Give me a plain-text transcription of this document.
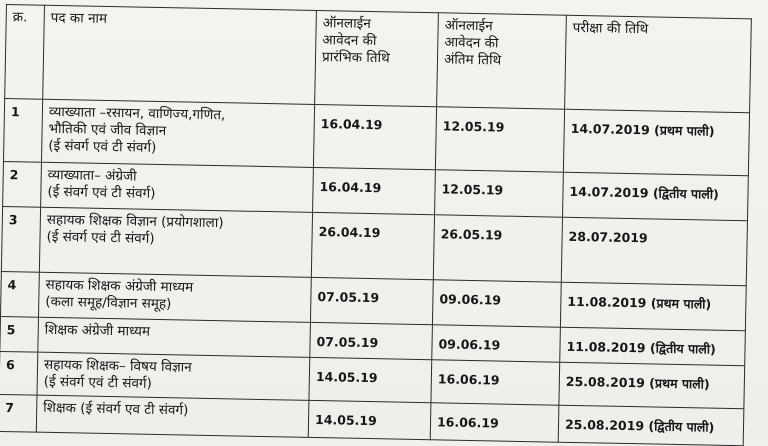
क्र.	पद का नाम	ऑनलाईन
आवेदन की
प्रारंभिक तिथि	ऑनलाईन
आवेदन की
अंतिम तिथि	परीक्षा की तिथि

1	व्याख्याता –रसायन, वाणिज्य,गणित,
भौतिकी एवं जीव विज्ञान
(ई संवर्ग एवं टी संवर्ग)	16.04.19	12.05.19	14.07.2019 (प्रथम पाली)
2	व्याख्याता– अंग्रेजी
(ई संवर्ग एवं टी संवर्ग)	16.04.19	12.05.19	14.07.2019 (द्वितीय पाली)
3	सहायक शिक्षक विज्ञान (प्रयोगशाला)
(ई संवर्ग एवं टी संवर्ग)	26.04.19	26.05.19	28.07.2019
4	सहायक शिक्षक अंग्रेजी माध्यम
(कला समूह/विज्ञान समूह)	07.05.19	09.06.19	11.08.2019 (प्रथम पाली)
5	शिक्षक अंग्रेजी माध्यम	07.05.19	09.06.19	11.08.2019 (द्वितीय पाली)
6	सहायक शिक्षक– विषय विज्ञान
(ई संवर्ग एवं टी संवर्ग)	14.05.19	16.06.19	25.08.2019 (प्रथम पाली)
7	शिक्षक (ई संवर्ग एव टी संवर्ग)	14.05.19	16.06.19	25.08.2019 (द्वितीय पाली)
